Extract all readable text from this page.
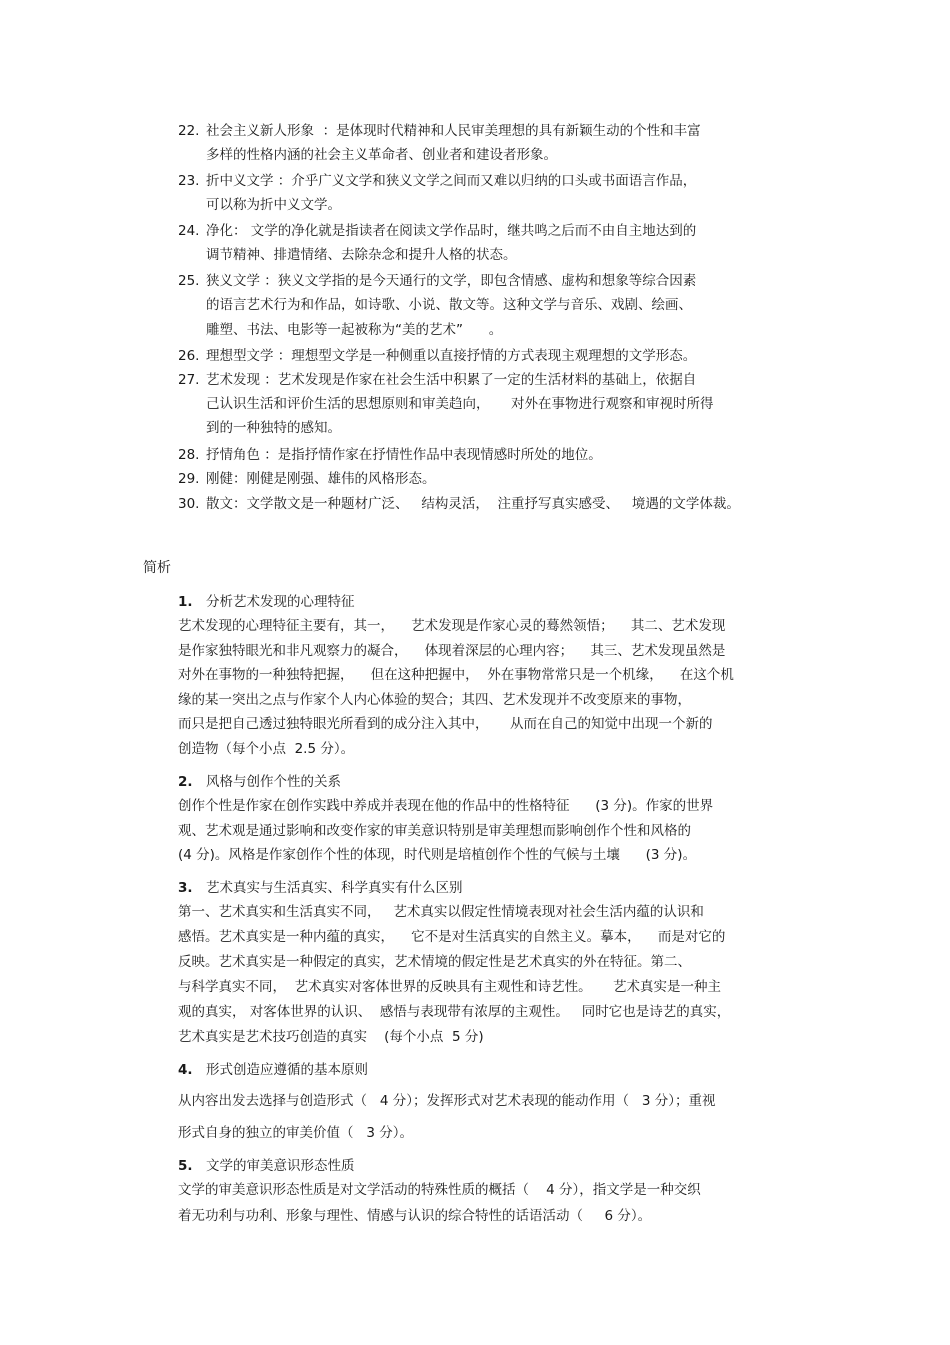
22. 社会主义新人形象  ：是体现时代精神和人民审美理想的具有新颖生动的个性和丰富
多样的性格内涵的社会主义革命者、创业者和建设者形象。
23. 折中义文学 ：介乎广义文学和狭义文学之间而又难以归纳的口头或书面语言作品，
可以称为折中义文学。
24. 净化： 文学的净化就是指读者在阅读文学作品时，继共鸣之后而不由自主地达到的
调节精神、排遣情绪、去除杂念和提升人格的状态。
25. 狭义文学 ：狭义文学指的是今天通行的文学，即包含情感、虚构和想象等综合因素
的语言艺术行为和作品，如诗歌、小说、散文等。这种文学与音乐、戏剧、绘画、
雕塑、书法、电影等一起被称为“美的艺术”      。
26. 理想型文学 ：理想型文学是一种侧重以直接抒情的方式表现主观理想的文学形态。
27. 艺术发现 ：艺术发现是作家在社会生活中积累了一定的生活材料的基础上，依据自
己认识生活和评价生活的思想原则和审美趋向，     对外在事物进行观察和审视时所得
到的一种独特的感知。
28. 抒情角色 ：是指抒情作家在抒情性作品中表现情感时所处的地位。
29. 刚健：刚健是刚强、雄伟的风格形态。
30. 散文：文学散文是一种题材广泛、   结构灵活，  注重抒写真实感受、   境遇的文学体裁。
简析
1. 分析艺术发现的心理特征
艺术发现的心理特征主要有，其一，    艺术发现是作家心灵的蓦然领悟；    其二、艺术发现
是作家独特眼光和非凡观察力的凝合，    体现着深层的心理内容；    其三、艺术发现虽然是
对外在事物的一种独特把握，    但在这种把握中，  外在事物常常只是一个机缘，    在这个机
缘的某一突出之点与作家个人内心体验的契合；其四、艺术发现并不改变原来的事物，
而只是把自己透过独特眼光所看到的成分注入其中，     从而在自己的知觉中出现一个新的
创造物（每个小点  2.5 分）。
2. 风格与创作个性的关系
创作个性是作家在创作实践中养成并表现在他的作品中的性格特征      (3 分)。作家的世界
观、艺术观是通过影响和改变作家的审美意识特别是审美理想而影响创作个性和风格的
(4 分)。风格是作家创作个性的体现，时代则是培植创作个性的气候与土壤      (3 分)。
3. 艺术真实与生活真实、科学真实有什么区别
第一、艺术真实和生活真实不同，   艺术真实以假定性情境表现对社会生活内蕴的认识和
感悟。艺术真实是一种内蕴的真实，    它不是对生活真实的自然主义。摹本，    而是对它的
反映。艺术真实是一种假定的真实，艺术情境的假定性是艺术真实的外在特征。第二、
与科学真实不同，  艺术真实对客体世界的反映具有主观性和诗艺性。     艺术真实是一种主
观的真实， 对客体世界的认识、  感悟与表现带有浓厚的主观性。   同时它也是诗艺的真实，
艺术真实是艺术技巧创造的真实    (每个小点  5 分)
4. 形式创造应遵循的基本原则
从内容出发去选择与创造形式（   4 分）；发挥形式对艺术表现的能动作用（   3 分）；重视
形式自身的独立的审美价值（   3 分）。
5. 文学的审美意识形态性质
文学的审美意识形态性质是对文学活动的特殊性质的概括（    4 分），指文学是一种交织
着无功利与功利、形象与理性、情感与认识的综合特性的话语活动（     6 分）。
